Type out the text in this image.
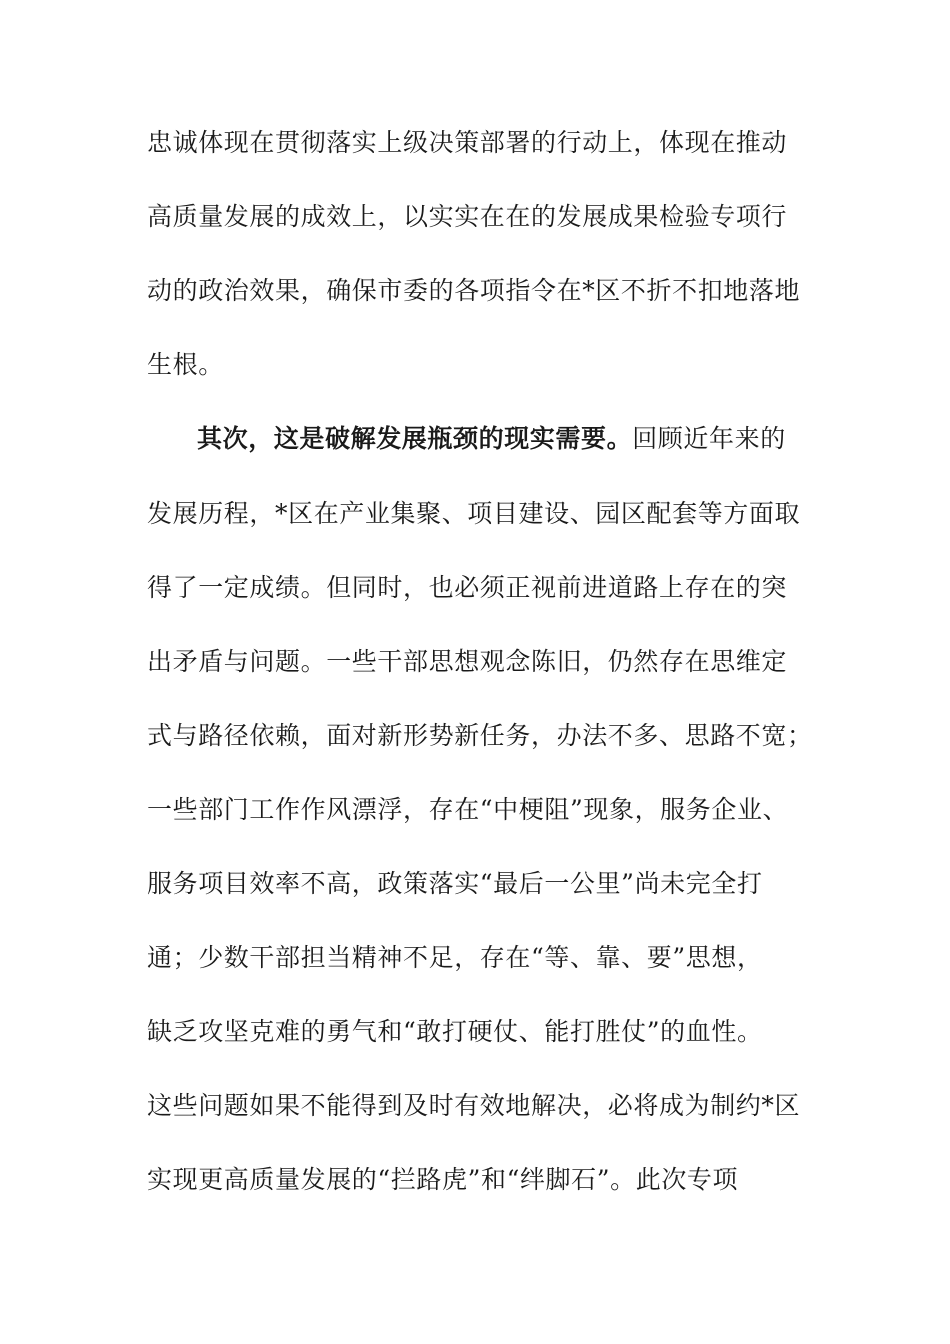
忠诚体现在贯彻落实上级决策部署的行动上，体现在推动
高质量发展的成效上，以实实在在的发展成果检验专项行
动的政治效果，确保市委的各项指令在*区不折不扣地落地
生根。
其次，这是破解发展瓶颈的现实需要。回顾近年来的
发展历程，*区在产业集聚、项目建设、园区配套等方面取
得了一定成绩。但同时，也必须正视前进道路上存在的突
出矛盾与问题。一些干部思想观念陈旧，仍然存在思维定
式与路径依赖，面对新形势新任务，办法不多、思路不宽；
一些部门工作作风漂浮，存在“中梗阻”现象，服务企业、
服务项目效率不高，政策落实“最后一公里”尚未完全打
通；少数干部担当精神不足，存在“等、靠、要”思想，
缺乏攻坚克难的勇气和“敢打硬仗、能打胜仗”的血性。
这些问题如果不能得到及时有效地解决，必将成为制约*区
实现更高质量发展的“拦路虎”和“绊脚石”。此次专项
